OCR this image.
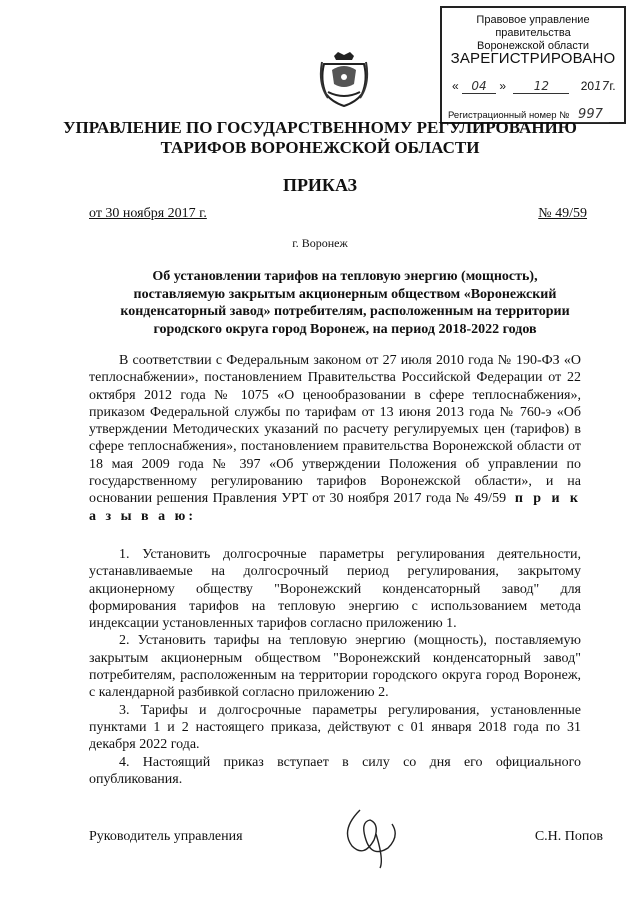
Правовое управление правительства
Воронежской области
ЗАРЕГИСТРИРОВАНО
« 04 » 12	2017г.
Регистрационный номер № 997
УПРАВЛЕНИЕ ПО ГОСУДАРСТВЕННОМУ РЕГУЛИРОВАНИЮ
ТАРИФОВ ВОРОНЕЖСКОЙ ОБЛАСТИ
ПРИКАЗ
от 30 ноября 2017 г.	№ 49/59
г. Воронеж
Об установлении тарифов на тепловую энергию (мощность), поставляемую закрытым акционерным обществом «Воронежский конденсаторный завод» потребителям, расположенным на территории городского округа город Воронеж, на период 2018-2022 годов

В соответствии с Федеральным законом от 27 июля 2010 года № 190-ФЗ «О теплоснабжении», постановлением Правительства Российской Федерации от 22 октября 2012 года № 1075 «О ценообразовании в сфере теплоснабжения», приказом Федеральной службы по тарифам от 13 июня 2013 года № 760-э «Об утверждении Методических указаний по расчету регулируемых цен (тарифов) в сфере теплоснабжения», постановлением правительства Воронежской области от 18 мая 2009 года № 397 «Об утверждении Положения об управлении по государственному регулированию тарифов Воронежской области», и на основании решения Правления УРТ от 30 ноября 2017 года № 49/59 п р и к а з ы в а ю:

1. Установить долгосрочные параметры регулирования деятельности, устанавливаемые на долгосрочный период регулирования, закрытому акционерному обществу "Воронежский конденсаторный завод" для формирования тарифов на тепловую энергию с использованием метода индексации установленных тарифов согласно приложению 1.

2. Установить тарифы на тепловую энергию (мощность), поставляемую закрытым акционерным обществом "Воронежский конденсаторный завод" потребителям, расположенным на территории городского округа город Воронеж, с календарной разбивкой согласно приложению 2.

3. Тарифы и долгосрочные параметры регулирования, установленные пунктами 1 и 2 настоящего приказа, действуют с 01 января 2018 года по 31 декабря 2022 года.

4. Настоящий приказ вступает в силу со дня его официального опубликования.

Руководитель управления	С.Н. Попов
